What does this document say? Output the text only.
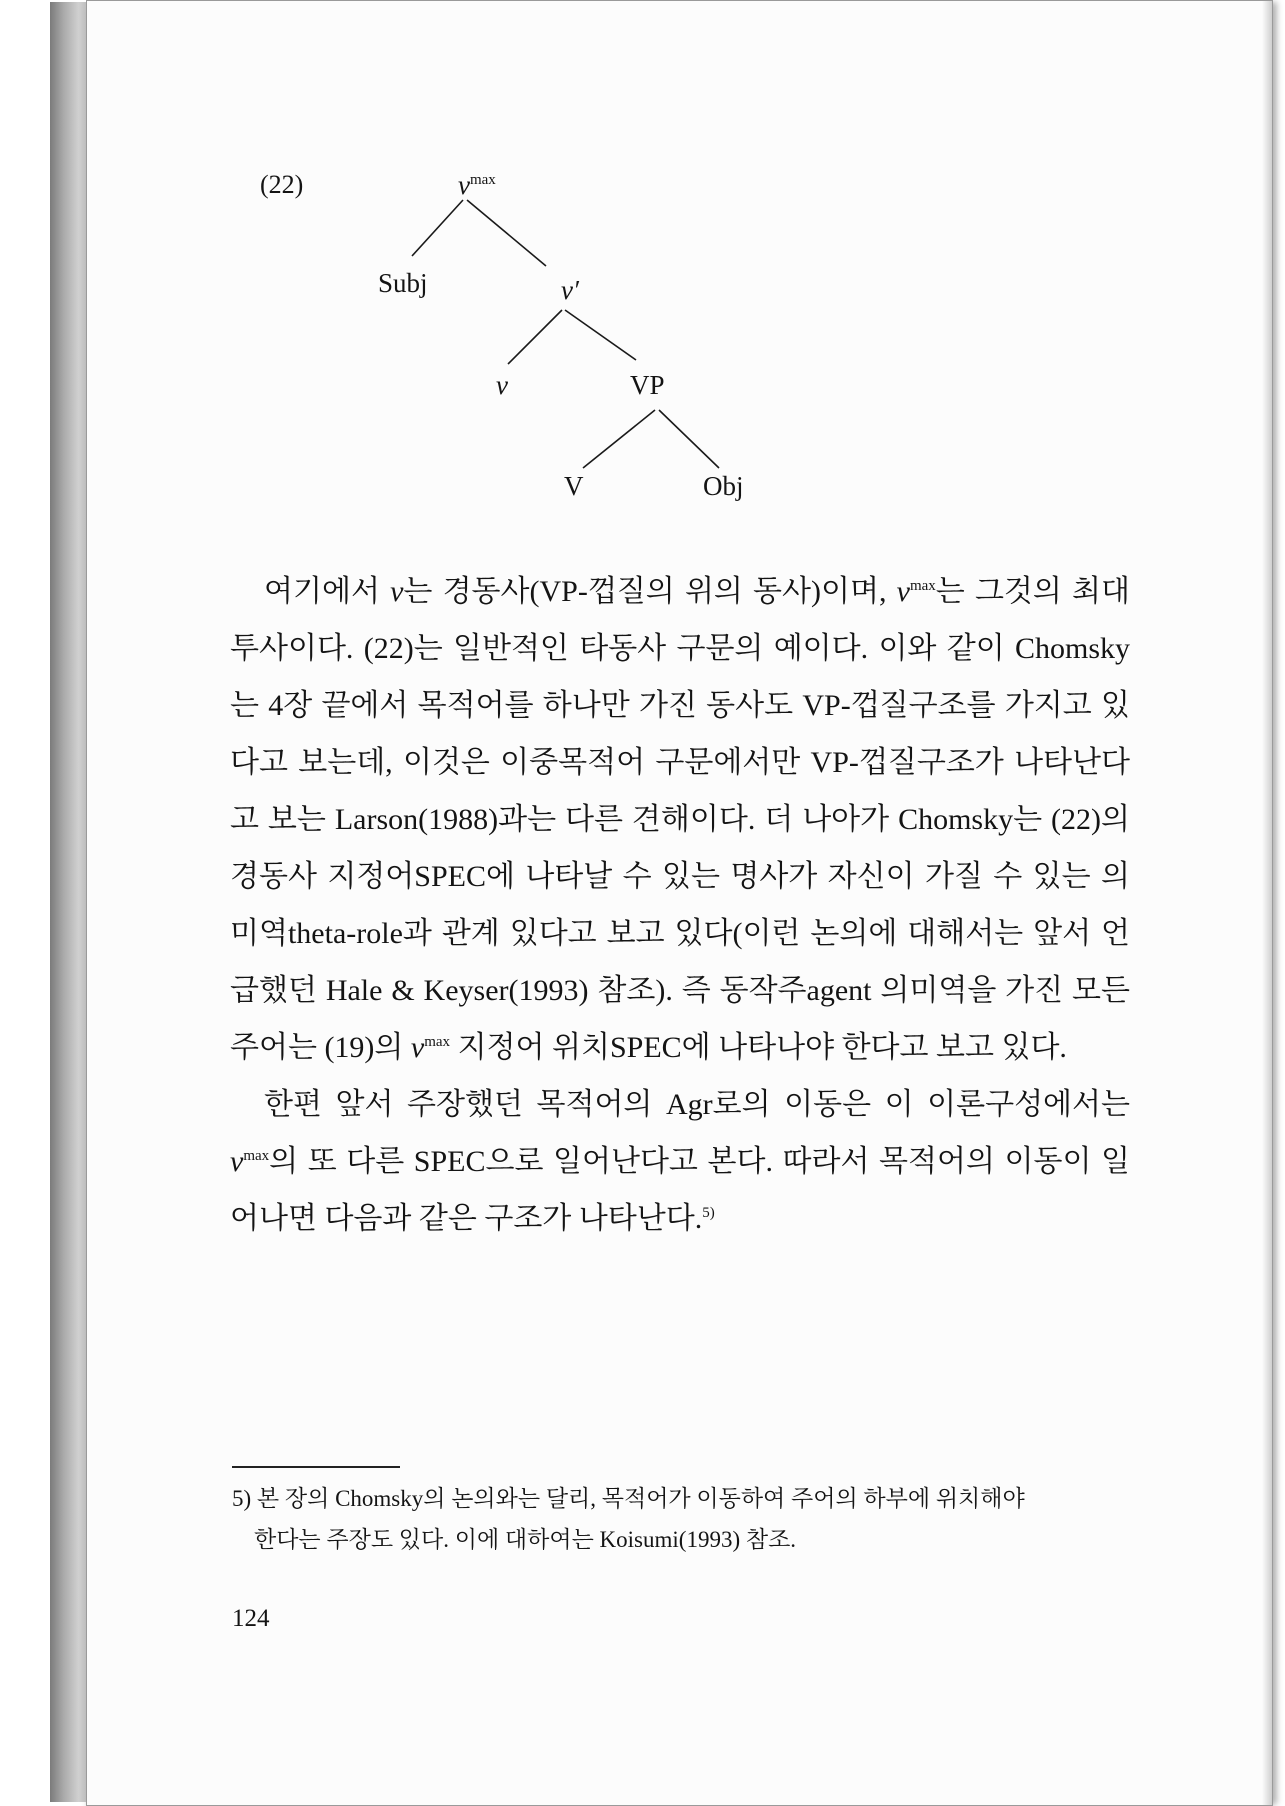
(22)	$v^{max}$
Subj	v′
v	VP
V	Obj

여기에서 v는 경동사(VP-껍질의 위의 동사)이며, $v^{max}$는 그것의 최대투사이다. (22)는 일반적인 타동사 구문의 예이다. 이와 같이 Chomsky는 4장 끝에서 목적어를 하나만 가진 동사도 VP-껍질구조를 가지고 있다고 보는데, 이것은 이중목적어 구문에서만 VP-껍질구조가 나타난다고 보는 Larson(1988)과는 다른 견해이다. 더 나아가 Chomsky는 (22)의 경동사 지정어SPEC에 나타날 수 있는 명사가 자신이 가질 수 있는 의미역theta-role과 관계 있다고 보고 있다(이런 논의에 대해서는 앞서 언급했던 Hale & Keyser(1993) 참조). 즉 동작주agent 의미역을 가진 모든 주어는 (19)의 $v^{max}$ 지정어 위치SPEC에 나타나야 한다고 보고 있다.

한편 앞서 주장했던 목적어의 Agr로의 이동은 이 이론구성에서는 $v^{max}$의 또 다른 SPEC으로 일어난다고 본다. 따라서 목적어의 이동이 일어나면 다음과 같은 구조가 나타난다.$^{5)}$

5) 본 장의 Chomsky의 논의와는 달리, 목적어가 이동하여 주어의 하부에 위치해야
한다는 주장도 있다. 이에 대하여는 Koisumi(1993) 참조.
124
